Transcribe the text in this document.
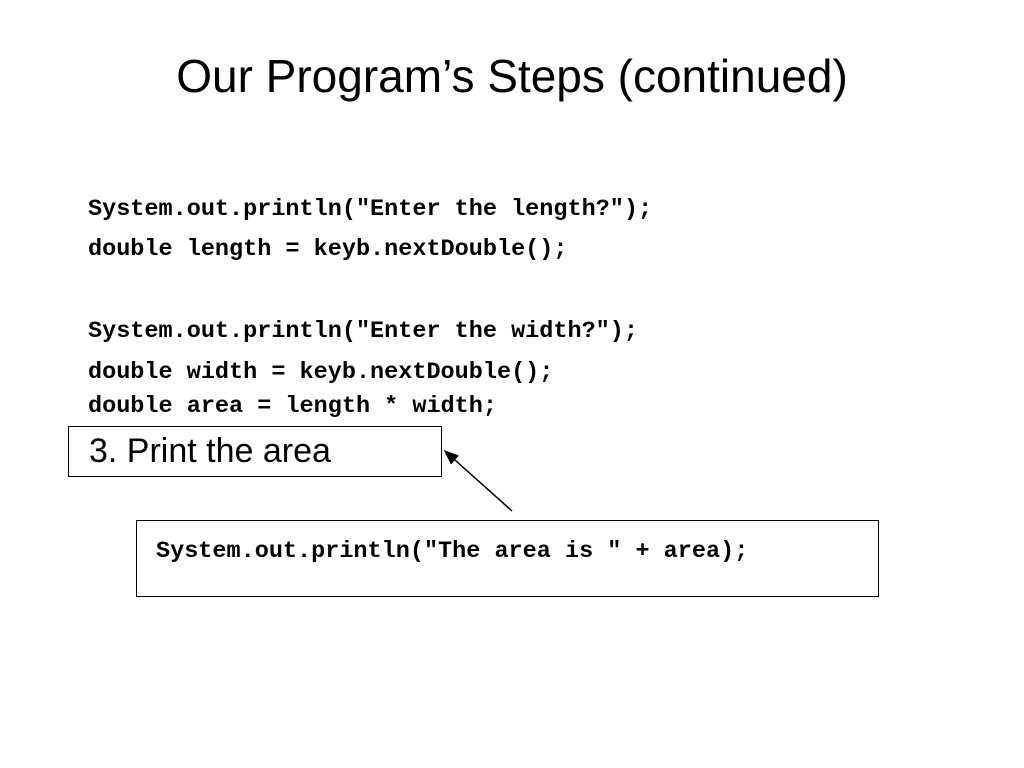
Our Program’s Steps (continued)
System.out.println("Enter the length?");
double length = keyb.nextDouble();
System.out.println("Enter the width?");
double width = keyb.nextDouble();
double area = length * width;
3. Print the area
System.out.println("The area is " + area);
